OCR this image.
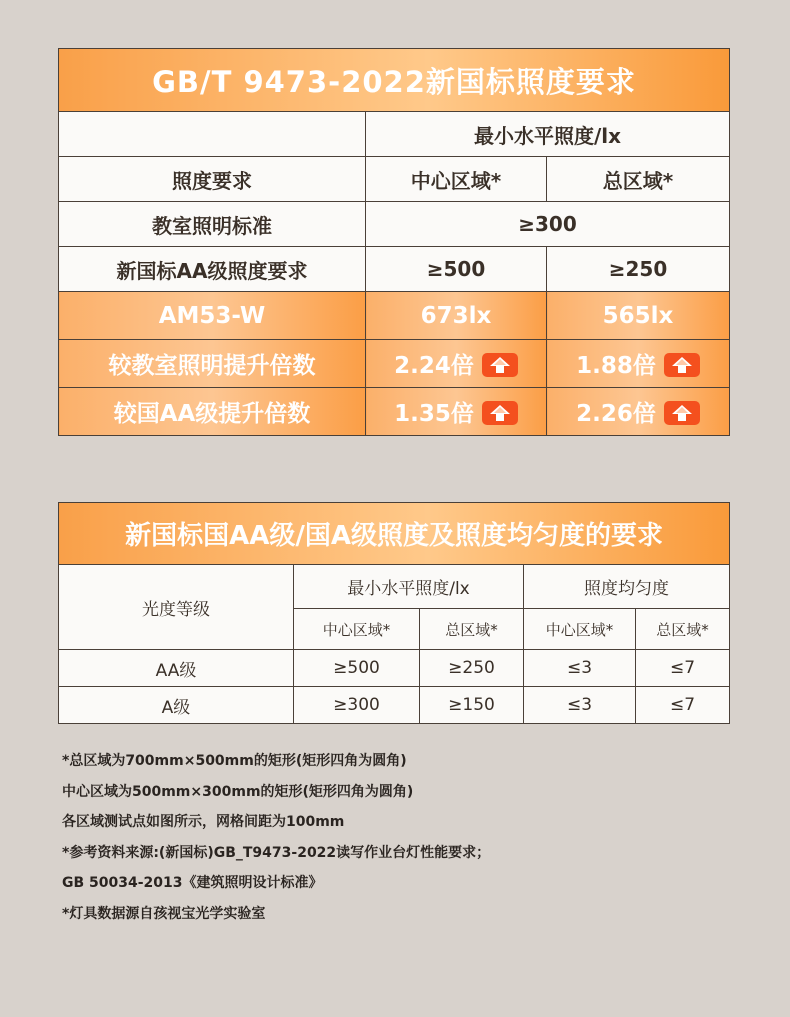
GB/T 9473-2022新国标照度要求		
	最小水平照度/lx	
照度要求	中心区域*	总区域*
教室照明标准	≥300	
新国标AA级照度要求	≥500	≥250
AM53-W	673lx	565lx
较教室照明提升倍数	2.24倍	1.88倍

较国AA级提升倍数	1.35倍	2.26倍
新国标国AA级/国A级照度及照度均匀度的要求				
光度等级	最小水平照度/lx		照度均匀度	
	中心区域*	总区域*	中心区域*	总区域*
AA级	≥500	≥250	≤3	≤7
A级	≥300	≥150	≤3	≤7
*总区域为700mm×500mm的矩形(矩形四角为圆角)
中心区域为500mm×300mm的矩形(矩形四角为圆角)
各区域测试点如图所示，网格间距为100mm
*参考资料来源:(新国标)GB_T9473-2022读写作业台灯性能要求；
GB 50034-2013《建筑照明设计标准》
*灯具数据源自孩视宝光学实验室
